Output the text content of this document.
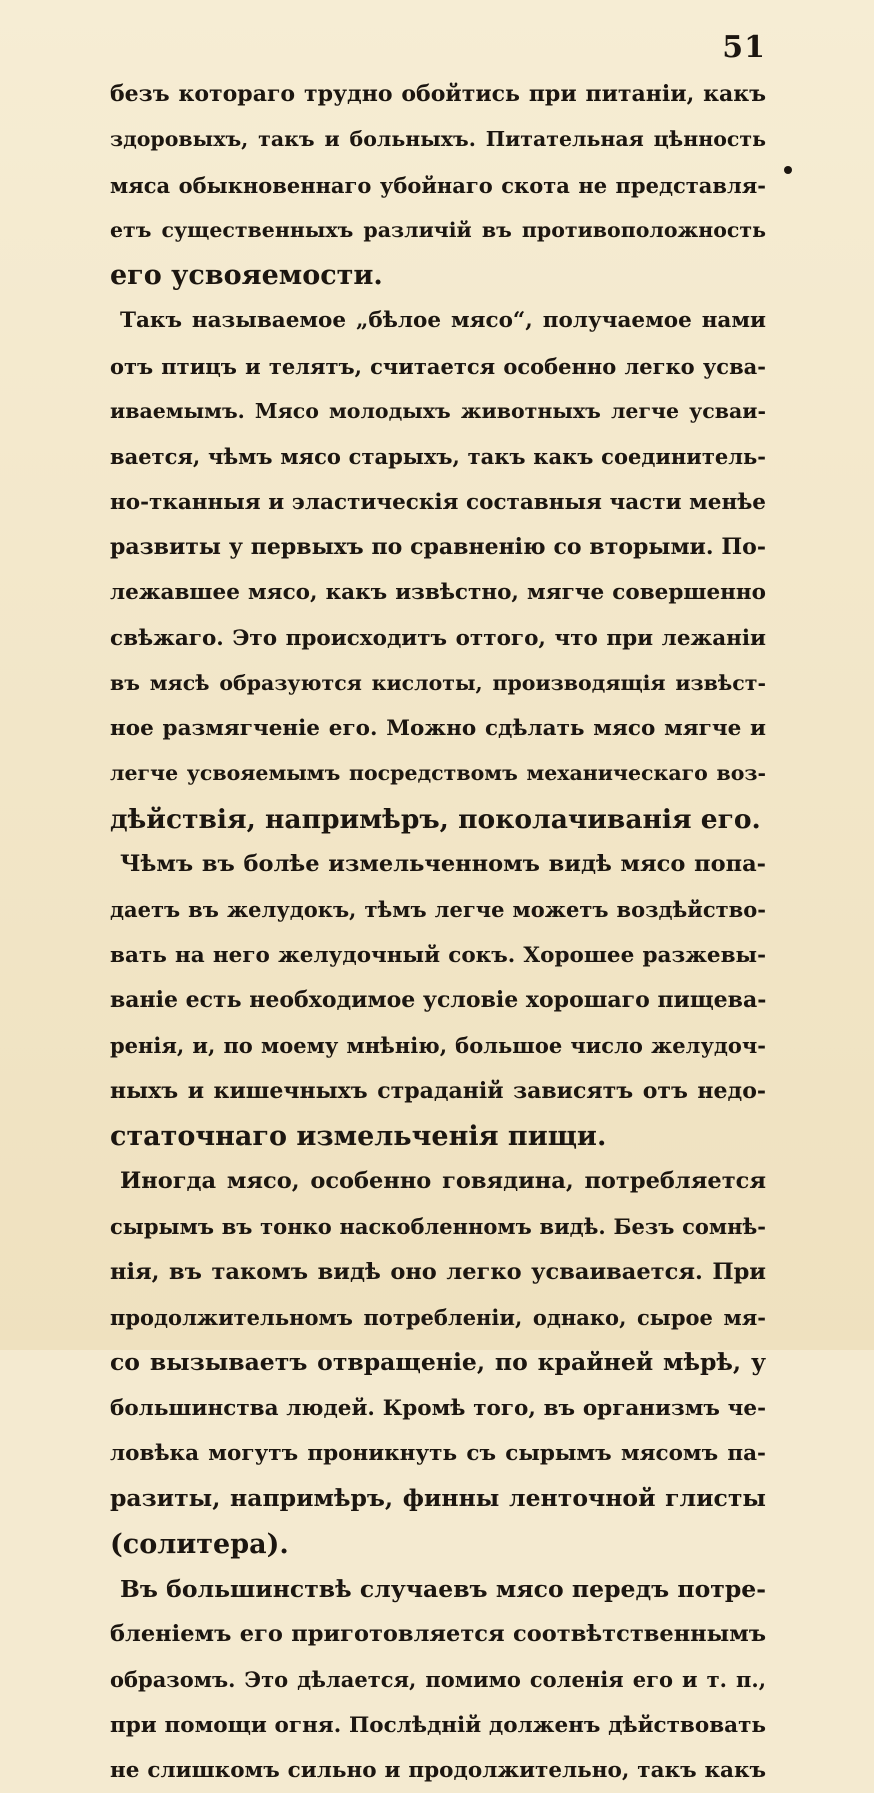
51
безъ котораго трудно обойтись при питаніи, какъ
здоровыхъ, такъ и больныхъ. Питательная цѣнность
мяса обыкновеннаго убойнаго скота не представля-
етъ существенныхъ различій въ противоположность
его усвояемости.
Такъ называемое „бѣлое мясо“, получаемое нами
отъ птицъ и телятъ, считается особенно легко усва-
иваемымъ. Мясо молодыхъ животныхъ легче усваи-
вается, чѣмъ мясо старыхъ, такъ какъ соединитель-
но-тканныя и эластическія составныя части менѣе
развиты у первыхъ по сравненію со вторыми. По-
лежавшее мясо, какъ извѣстно, мягче совершенно
свѣжаго. Это происходитъ оттого, что при лежаніи
въ мясѣ образуются кислоты, производящія извѣст-
ное размягченіе его. Можно сдѣлать мясо мягче и
легче усвояемымъ посредствомъ механическаго воз-
дѣйствія, напримѣръ, поколачиванія его.
Чѣмъ въ болѣе измельченномъ видѣ мясо попа-
даетъ въ желудокъ, тѣмъ легче можетъ воздѣйство-
вать на него желудочный сокъ. Хорошее разжевы-
ваніе есть необходимое условіе хорошаго пищева-
ренія, и, по моему мнѣнію, большое число желудоч-
ныхъ и кишечныхъ страданій зависятъ отъ недо-
статочнаго измельченія пищи.
Иногда мясо, особенно говядина, потребляется
сырымъ въ тонко наскобленномъ видѣ. Безъ сомнѣ-
нія, въ такомъ видѣ оно легко усваивается. При
продолжительномъ потребленіи, однако, сырое мя-
со вызываетъ отвращеніе, по крайней мѣрѣ, у
большинства людей. Кромѣ того, въ организмъ че-
ловѣка могутъ проникнуть съ сырымъ мясомъ па-
разиты, напримѣръ, финны ленточной глисты
(солитера).
Въ большинствѣ случаевъ мясо передъ потре-
бленіемъ его приготовляется соотвѣтственнымъ
образомъ. Это дѣлается, помимо соленія его и т. п.,
при помощи огня. Послѣдній долженъ дѣйствовать
не слишкомъ сильно и продолжительно, такъ какъ
